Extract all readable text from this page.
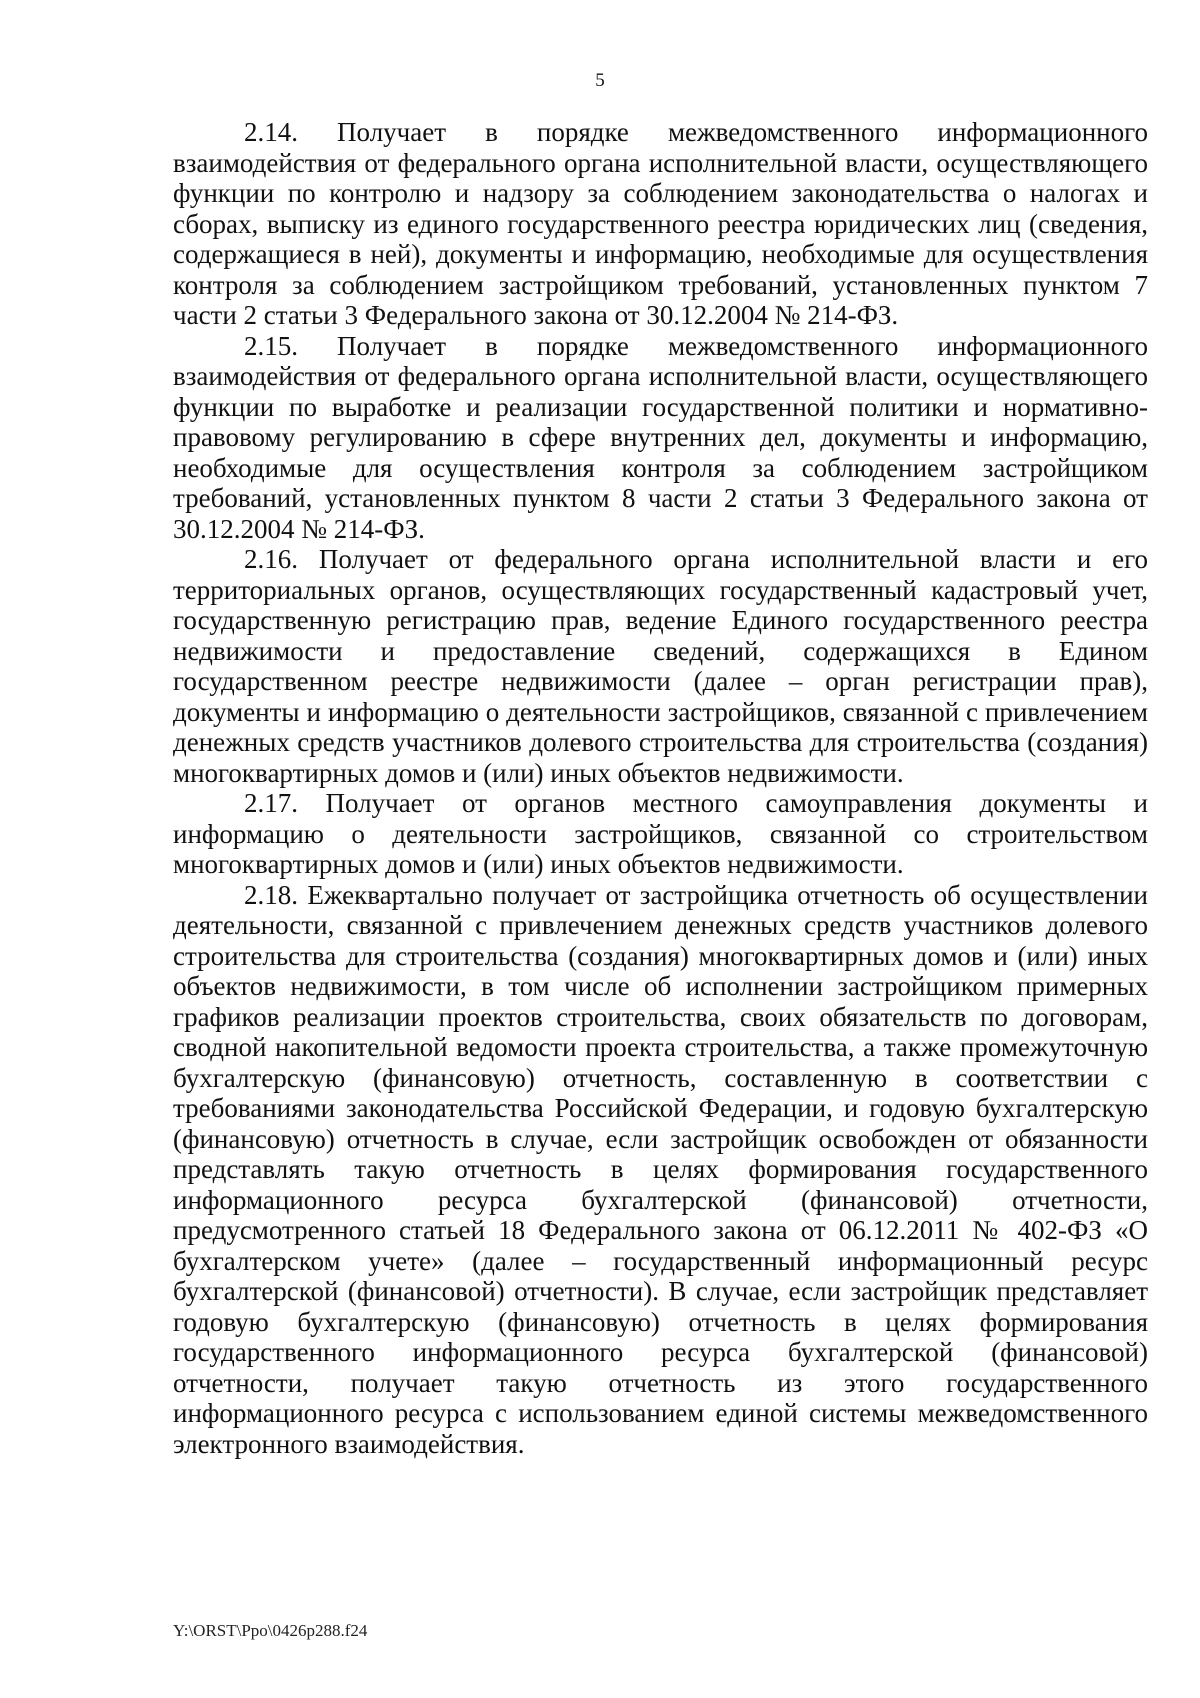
5

2.14. Получает в порядке межведомственного информационного взаимодействия от федерального органа исполнительной власти, осуществляющего функции по контролю и надзору за соблюдением законодательства о налогах и сборах, выписку из единого государственного реестра юридических лиц (сведения, содержащиеся в ней), документы и информацию, необходимые для осуществления контроля за соблюдением застройщиком требований, установленных пунктом 7 части 2 статьи 3 Федерального закона от 30.12.2004 № 214-ФЗ.

2.15. Получает в порядке межведомственного информационного взаимодействия от федерального органа исполнительной власти, осуществляющего функции по выработке и реализации государственной политики и нормативно-правовому регулированию в сфере внутренних дел, документы и информацию, необходимые для осуществления контроля за соблюдением застройщиком требований, установленных пунктом 8 части 2 статьи 3 Федерального закона от 30.12.2004 № 214-ФЗ.

2.16. Получает от федерального органа исполнительной власти и его территориальных органов, осуществляющих государственный кадастровый учет, государственную регистрацию прав, ведение Единого государственного реестра недвижимости и предоставление сведений, содержащихся в Едином государственном реестре недвижимости (далее – орган регистрации прав), документы и информацию о деятельности застройщиков, связанной с привлечением денежных средств участников долевого строительства для строительства (создания) многоквартирных домов и (или) иных объектов недвижимости.

2.17. Получает от органов местного самоуправления документы и информацию о деятельности застройщиков, связанной со строительством многоквартирных домов и (или) иных объектов недвижимости.

2.18. Ежеквартально получает от застройщика отчетность об осуществлении деятельности, связанной с привлечением денежных средств участников долевого строительства для строительства (создания) многоквартирных домов и (или) иных объектов недвижимости, в том числе об исполнении застройщиком примерных графиков реализации проектов строительства, своих обязательств по договорам, сводной накопительной ведомости проекта строительства, а также промежуточную бухгалтерскую (финансовую) отчетность, составленную в соответствии с требованиями законодательства Российской Федерации, и годовую бухгалтерскую (финансовую) отчетность в случае, если застройщик освобожден от обязанности представлять такую отчетность в целях формирования государственного информационного ресурса бухгалтерской (финансовой) отчетности, предусмотренного статьей 18 Федерального закона от 06.12.2011 № 402-ФЗ «О бухгалтерском учете» (далее – государственный информационный ресурс бухгалтерской (финансовой) отчетности). В случае, если застройщик представляет годовую бухгалтерскую (финансовую) отчетность в целях формирования государственного информационного ресурса бухгалтерской (финансовой) отчетности, получает такую отчетность из этого государственного информационного ресурса с использованием единой системы межведомственного электронного взаимодействия.

Y:\ORST\Ppo\0426p288.f24
